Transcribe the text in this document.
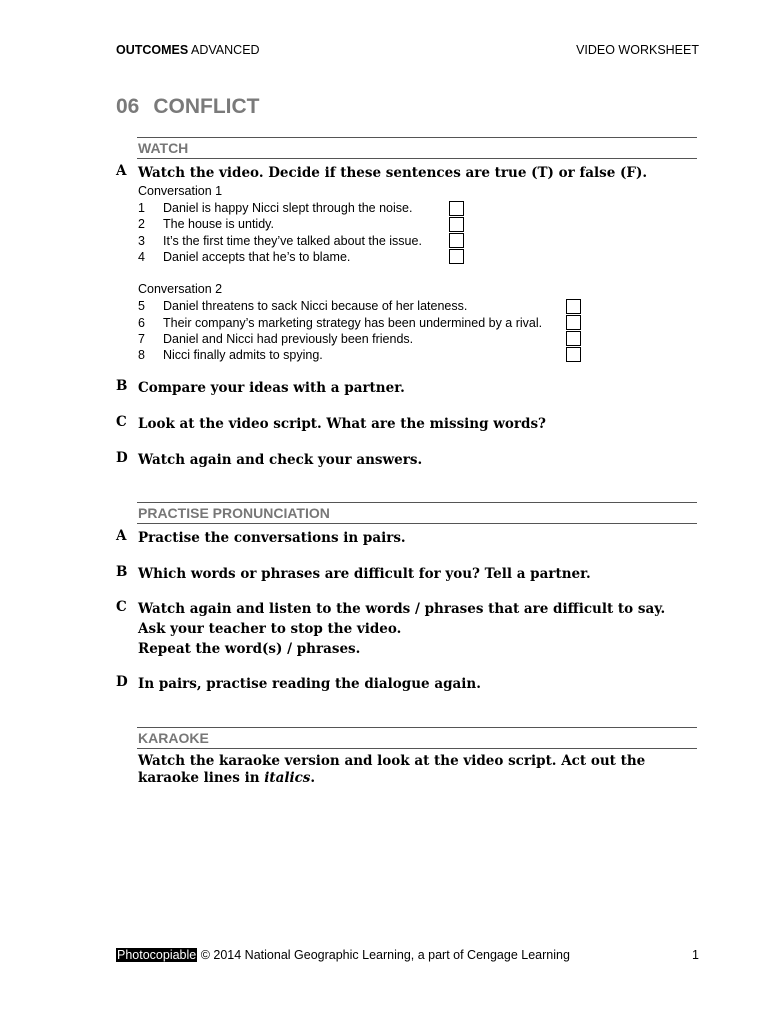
OUTCOMES ADVANCED	VIDEO WORKSHEET
06 CONFLICT
WATCH
A Watch the video. Decide if these sentences are true (T) or false (F).
Conversation 1
1 Daniel is happy Nicci slept through the noise.
2 The house is untidy.
3 It’s the first time they’ve talked about the issue.
4 Daniel accepts that he’s to blame.
Conversation 2
5 Daniel threatens to sack Nicci because of her lateness.
6 Their company’s marketing strategy has been undermined by a rival.
7 Daniel and Nicci had previously been friends.
8 Nicci finally admits to spying.
B Compare your ideas with a partner.
C Look at the video script. What are the missing words?
D Watch again and check your answers.
PRACTISE PRONUNCIATION
A Practise the conversations in pairs.
B Which words or phrases are difficult for you? Tell a partner.
C Watch again and listen to the words / phrases that are difficult to say.
Ask your teacher to stop the video.
Repeat the word(s) / phrases.
D In pairs, practise reading the dialogue again.
KARAOKE
Watch the karaoke version and look at the video script. Act out the karaoke lines in italics.
Photocopiable © 2014 National Geographic Learning, a part of Cengage Learning	1
